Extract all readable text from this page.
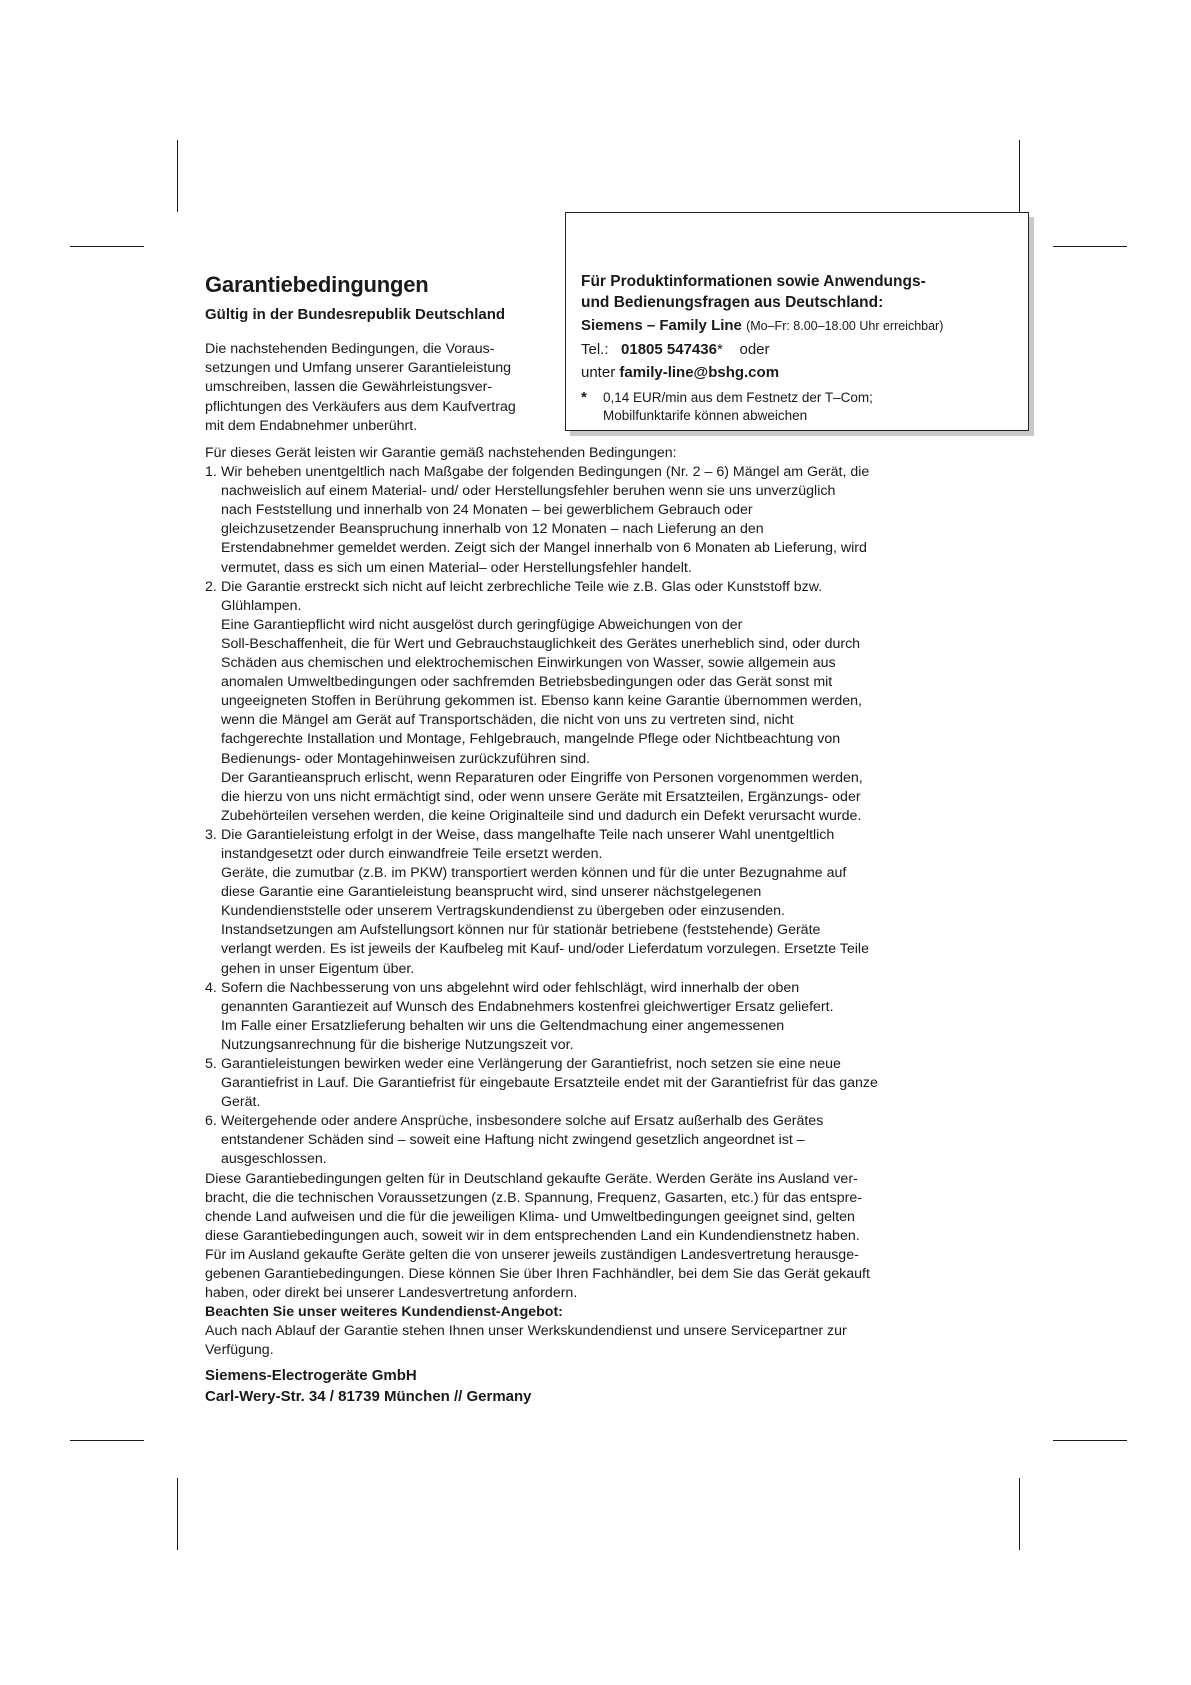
Garantiebedingungen
Gültig in der Bundesrepublik Deutschland
Die nachstehenden Bedingungen, die Voraus-
setzungen und Umfang unserer Garantieleistung
umschreiben, lassen die Gewährleistungsver-
pflichtungen des Verkäufers aus dem Kaufvertrag
mit dem Endabnehmer unberührt.
Für Produktinformationen sowie Anwendungs-
und Bedienungsfragen aus Deutschland:
Siemens – Family Line (Mo–Fr: 8.00–18.00 Uhr erreichbar)
Tel.: 01805 547436* oder
unter family-line@bshg.com
* 0,14 EUR/min aus dem Festnetz der T–Com;
Mobilfunktarife können abweichen
Für dieses Gerät leisten wir Garantie gemäß nachstehenden Bedingungen:
1. Wir beheben unentgeltlich nach Maßgabe der folgenden Bedingungen (Nr. 2 – 6) Mängel am Gerät, die
nachweislich auf einem Material- und/ oder Herstellungsfehler beruhen wenn sie uns unverzüglich
nach Feststellung und innerhalb von 24 Monaten – bei gewerblichem Gebrauch oder
gleichzusetzender Beanspruchung innerhalb von 12 Monaten – nach Lieferung an den
Erstendabnehmer gemeldet werden. Zeigt sich der Mangel innerhalb von 6 Monaten ab Lieferung, wird
vermutet, dass es sich um einen Material– oder Herstellungsfehler handelt.
2. Die Garantie erstreckt sich nicht auf leicht zerbrechliche Teile wie z.B. Glas oder Kunststoff bzw.
Glühlampen.
Eine Garantiepflicht wird nicht ausgelöst durch geringfügige Abweichungen von der
Soll-Beschaffenheit, die für Wert und Gebrauchstauglichkeit des Gerätes unerheblich sind, oder durch
Schäden aus chemischen und elektrochemischen Einwirkungen von Wasser, sowie allgemein aus
anomalen Umweltbedingungen oder sachfremden Betriebsbedingungen oder das Gerät sonst mit
ungeeigneten Stoffen in Berührung gekommen ist. Ebenso kann keine Garantie übernommen werden,
wenn die Mängel am Gerät auf Transportschäden, die nicht von uns zu vertreten sind, nicht
fachgerechte Installation und Montage, Fehlgebrauch, mangelnde Pflege oder Nichtbeachtung von
Bedienungs- oder Montagehinweisen zurückzuführen sind.
Der Garantieanspruch erlischt, wenn Reparaturen oder Eingriffe von Personen vorgenommen werden,
die hierzu von uns nicht ermächtigt sind, oder wenn unsere Geräte mit Ersatzteilen, Ergänzungs- oder
Zubehörteilen versehen werden, die keine Originalteile sind und dadurch ein Defekt verursacht wurde.
3. Die Garantieleistung erfolgt in der Weise, dass mangelhafte Teile nach unserer Wahl unentgeltlich
instandgesetzt oder durch einwandfreie Teile ersetzt werden.
Geräte, die zumutbar (z.B. im PKW) transportiert werden können und für die unter Bezugnahme auf
diese Garantie eine Garantieleistung beansprucht wird, sind unserer nächstgelegenen
Kundendienststelle oder unserem Vertragskundendienst zu übergeben oder einzusenden.
Instandsetzungen am Aufstellungsort können nur für stationär betriebene (feststehende) Geräte
verlangt werden. Es ist jeweils der Kaufbeleg mit Kauf- und/oder Lieferdatum vorzulegen. Ersetzte Teile
gehen in unser Eigentum über.
4. Sofern die Nachbesserung von uns abgelehnt wird oder fehlschlägt, wird innerhalb der oben
genannten Garantiezeit auf Wunsch des Endabnehmers kostenfrei gleichwertiger Ersatz geliefert.
Im Falle einer Ersatzlieferung behalten wir uns die Geltendmachung einer angemessenen
Nutzungsanrechnung für die bisherige Nutzungszeit vor.
5. Garantieleistungen bewirken weder eine Verlängerung der Garantiefrist, noch setzen sie eine neue
Garantiefrist in Lauf. Die Garantiefrist für eingebaute Ersatzteile endet mit der Garantiefrist für das ganze
Gerät.
6. Weitergehende oder andere Ansprüche, insbesondere solche auf Ersatz außerhalb des Gerätes
entstandener Schäden sind – soweit eine Haftung nicht zwingend gesetzlich angeordnet ist –
ausgeschlossen.
Diese Garantiebedingungen gelten für in Deutschland gekaufte Geräte. Werden Geräte ins Ausland ver-
bracht, die die technischen Voraussetzungen (z.B. Spannung, Frequenz, Gasarten, etc.) für das entspre-
chende Land aufweisen und die für die jeweiligen Klima- und Umweltbedingungen geeignet sind, gelten
diese Garantiebedingungen auch, soweit wir in dem entsprechenden Land ein Kundendienstnetz haben.
Für im Ausland gekaufte Geräte gelten die von unserer jeweils zuständigen Landesvertretung herausge-
gebenen Garantiebedingungen. Diese können Sie über Ihren Fachhändler, bei dem Sie das Gerät gekauft
haben, oder direkt bei unserer Landesvertretung anfordern.
Beachten Sie unser weiteres Kundendienst-Angebot:
Auch nach Ablauf der Garantie stehen Ihnen unser Werkskundendienst und unsere Servicepartner zur
Verfügung.
Siemens-Electrogeräte GmbH
Carl-Wery-Str. 34 / 81739 München // Germany
